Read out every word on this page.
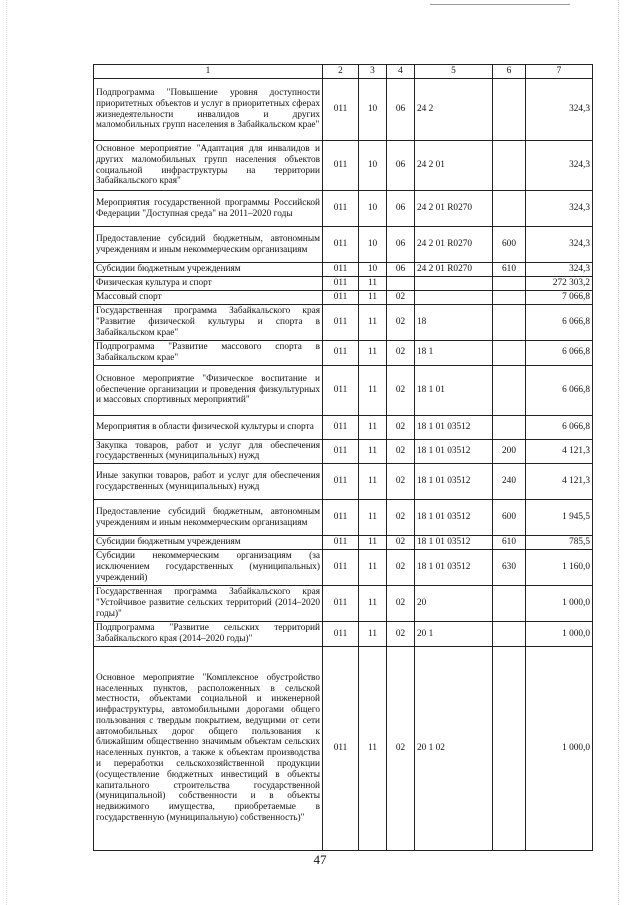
1	2	3	4	5	6	7
Подпрограмма "Повышение уровня доступности приоритетных объектов и услуг в приоритетных сферах жизнедеятельности инвалидов и других маломобильных групп населения в Забайкальском крае"	011	10	06	24 2		324,3
Основное мероприятие "Адаптация для инвалидов и других маломобильных групп населения объектов социальной инфраструктуры на территории Забайкальского края"	011	10	06	24 2 01		324,3
Мероприятия государственной программы Российской Федерации "Доступная среда" на 2011–2020 годы	011	10	06	24 2 01 R0270		324,3
Предоставление субсидий бюджетным, автономным учреждениям и иным некоммерческим организациям	011	10	06	24 2 01 R0270	600	324,3
Субсидии бюджетным учреждениям	011	10	06	24 2 01 R0270	610	324,3
Физическая культура и спорт	011	11				272 303,2
Массовый спорт	011	11	02			7 066,8
Государственная программа Забайкальского края "Развитие физической культуры и спорта в Забайкальском крае"	011	11	02	18		6 066,8
Подпрограмма "Развитие массового спорта в Забайкальском крае"	011	11	02	18 1		6 066,8
Основное мероприятие "Физическое воспитание и обеспечение организации и проведения физкультурных и массовых спортивных мероприятий"	011	11	02	18 1 01		6 066,8
Мероприятия в области физической культуры и спорта	011	11	02	18 1 01 03512		6 066,8
Закупка товаров, работ и услуг для обеспечения государственных (муниципальных) нужд	011	11	02	18 1 01 03512	200	4 121,3
Иные закупки товаров, работ и услуг для обеспечения государственных (муниципальных) нужд	011	11	02	18 1 01 03512	240	4 121,3
Предоставление субсидий бюджетным, автономным учреждениям и иным некоммерческим организациям	011	11	02	18 1 01 03512	600	1 945,5
Субсидии бюджетным учреждениям	011	11	02	18 1 01 03512	610	785,5
Субсидии некоммерческим организациям (за исключением государственных (муниципальных) учреждений)	011	11	02	18 1 01 03512	630	1 160,0
Государственная программа Забайкальского края "Устойчивое развитие сельских территорий (2014–2020 годы)"	011	11	02	20		1 000,0
Подпрограмма "Развитие сельских территорий Забайкальского края (2014–2020 годы)"	011	11	02	20 1		1 000,0
Основное мероприятие "Комплексное обустройство населенных пунктов, расположенных в сельской местности, объектами социальной и инженерной инфраструктуры, автомобильными дорогами общего пользования с твердым покрытием, ведущими от сети автомобильных дорог общего пользования к ближайшим общественно значимым объектам сельских населенных пунктов, а также к объектам производства и переработки сельскохозяйственной продукции (осуществление бюджетных инвестиций в объекты капитального строительства государственной (муниципальной) собственности и в объекты недвижимого имущества, приобретаемые в государственную (муниципальную) собственность)"	011	11	02	20 1 02		1 000,0
47
